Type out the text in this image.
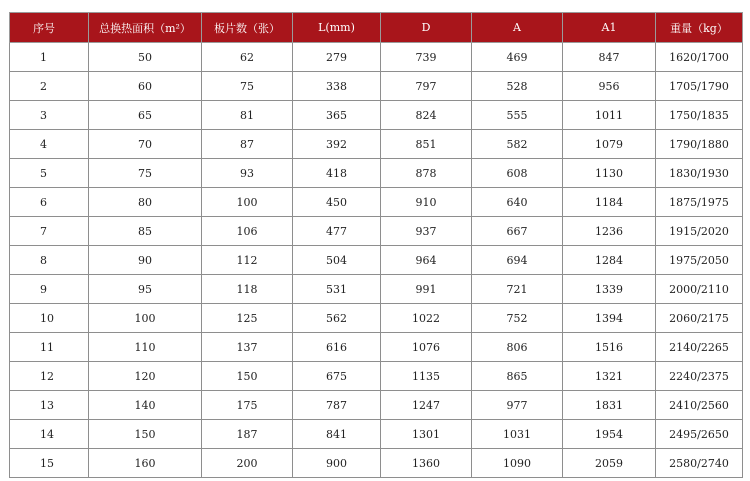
序号	总换热面积（m²）	板片数（张）	L(mm)	D	A	A1	重量（kg）
1	50	62	279	739	469	847	1620/1700
2	60	75	338	797	528	956	1705/1790
3	65	81	365	824	555	1011	1750/1835
4	70	87	392	851	582	1079	1790/1880
5	75	93	418	878	608	1130	1830/1930
6	80	100	450	910	640	1184	1875/1975
7	85	106	477	937	667	1236	1915/2020
8	90	112	504	964	694	1284	1975/2050
9	95	118	531	991	721	1339	2000/2110
10	100	125	562	1022	752	1394	2060/2175
11	110	137	616	1076	806	1516	2140/2265
12	120	150	675	1135	865	1321	2240/2375
13	140	175	787	1247	977	1831	2410/2560
14	150	187	841	1301	1031	1954	2495/2650
15	160	200	900	1360	1090	2059	2580/2740
